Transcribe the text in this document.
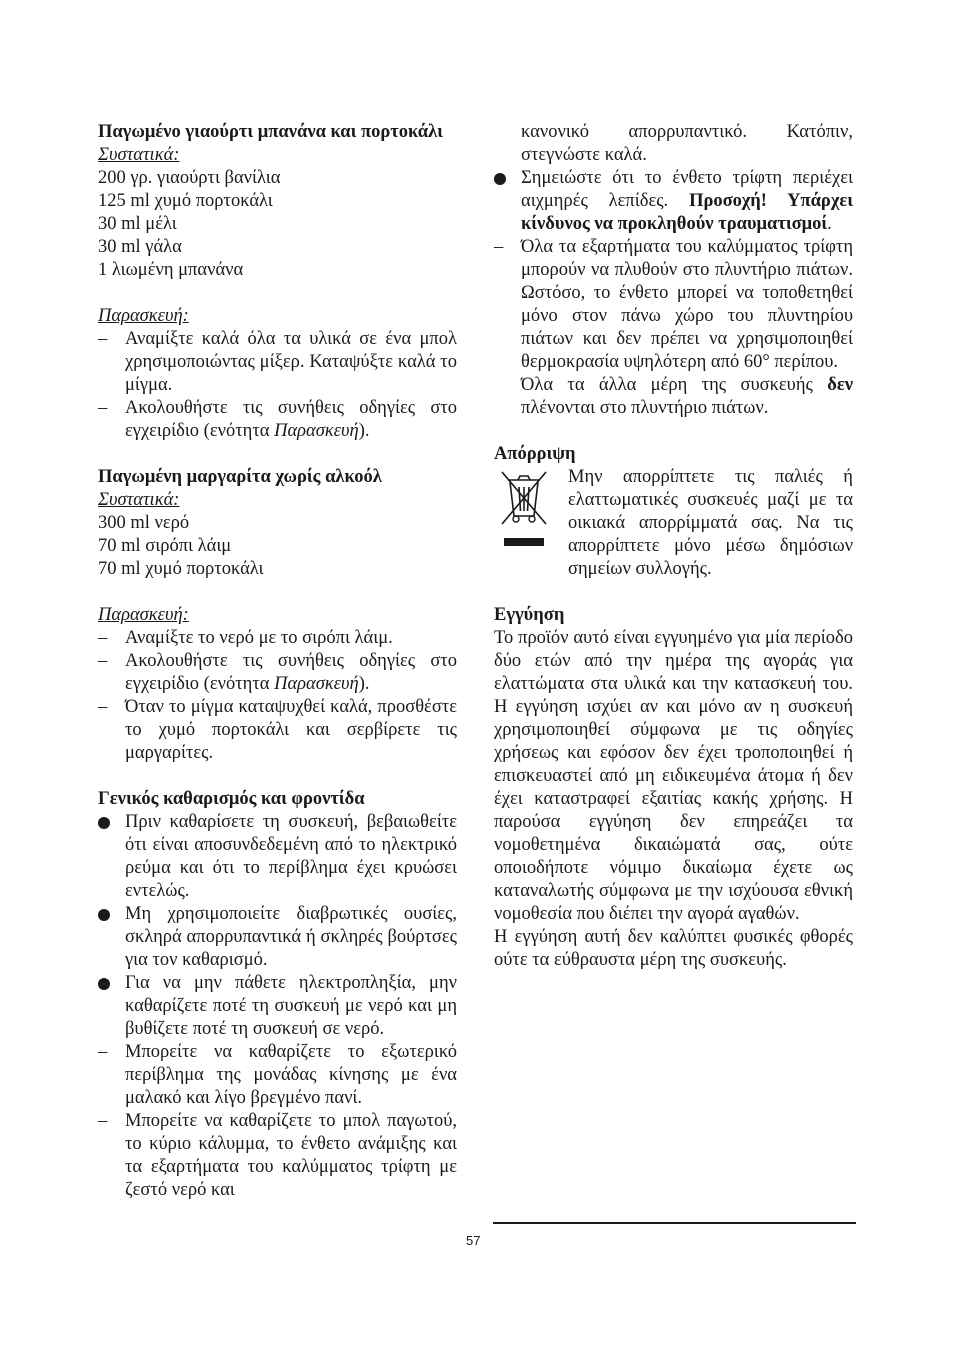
Παγωμένο γιαούρτι μπανάνα και πορτοκάλι
Συστατικά:
200 γρ. γιαούρτι βανίλια
125 ml χυμό πορτοκάλι
30 ml μέλι
30 ml γάλα
1 λιωμένη μπανάνα
Παρασκευή:
– Αναμίξτε καλά όλα τα υλικά σε ένα μπολ χρησιμοποιώντας μίξερ. Καταψύξτε καλά το μίγμα.
– Ακολουθήστε τις συνήθεις οδηγίες στο εγχειρίδιο (ενότητα Παρασκευή).
Παγωμένη μαργαρίτα χωρίς αλκοόλ
Συστατικά:
300 ml νερό
70 ml σιρόπι λάιμ
70 ml χυμό πορτοκάλι
Παρασκευή:
– Αναμίξτε το νερό με το σιρόπι λάιμ.
– Ακολουθήστε τις συνήθεις οδηγίες στο εγχειρίδιο (ενότητα Παρασκευή).
– Όταν το μίγμα καταψυχθεί καλά, προσθέστε το χυμό πορτοκάλι και σερβίρετε τις μαργαρίτες.
Γενικός καθαρισμός και φροντίδα
Πριν καθαρίσετε τη συσκευή, βεβαιωθείτε ότι είναι αποσυνδεδεμένη από το ηλεκτρικό ρεύμα και ότι το περίβλημα έχει κρυώσει εντελώς.
Μη χρησιμοποιείτε διαβρωτικές ουσίες, σκληρά απορρυπαντικά ή σκληρές βούρτσες για τον καθαρισμό.
Για να μην πάθετε ηλεκτροπληξία, μην καθαρίζετε ποτέ τη συσκευή με νερό και μη βυθίζετε ποτέ τη συσκευή σε νερό.
– Μπορείτε να καθαρίζετε το εξωτερικό περίβλημα της μονάδας κίνησης με ένα μαλακό και λίγο βρεγμένο πανί.
– Μπορείτε να καθαρίζετε το μπολ παγωτού, το κύριο κάλυμμα, το ένθετο ανάμιξης και τα εξαρτήματα του καλύμματος τρίφτη με ζεστό νερό και
κανονικό απορρυπαντικό. Κατόπιν, στεγνώστε καλά.
Σημειώστε ότι το ένθετο τρίφτη περιέχει αιχμηρές λεπίδες. Προσοχή! Υπάρχει κίνδυνος να προκληθούν τραυματισμοί.
– Όλα τα εξαρτήματα του καλύμματος τρίφτη μπορούν να πλυθούν στο πλυντήριο πιάτων. Ωστόσο, το ένθετο μπορεί να τοποθετηθεί μόνο στον πάνω χώρο του πλυντηρίου πιάτων και δεν πρέπει να χρησιμοποιηθεί θερμοκρασία υψηλότερη από 60° περίπου.
Όλα τα άλλα μέρη της συσκευής δεν πλένονται στο πλυντήριο πιάτων.
Απόρριψη

Μην απορρίπτετε τις παλιές ή ελαττωματικές συσκευές μαζί με τα οικιακά απορρίμματά σας. Να τις απορρίπτετε μόνο μέσω δημόσιων σημείων συλλογής.

Εγγύηση

Το προϊόν αυτό είναι εγγυημένο για μία περίοδο δύο ετών από την ημέρα της αγοράς για ελαττώματα στα υλικά και την κατασκευή του. Η εγγύηση ισχύει αν και μόνο αν η συσκευή χρησιμοποιηθεί σύμφωνα με τις οδηγίες χρήσεως και εφόσον δεν έχει τροποποιηθεί ή επισκευαστεί από μη ειδικευμένα άτομα ή δεν έχει καταστραφεί εξαιτίας κακής χρήσης. Η παρούσα εγγύηση δεν επηρεάζει τα νομοθετημένα δικαιώματά σας, ούτε οποιοδήποτε νόμιμο δικαίωμα έχετε ως καταναλωτής σύμφωνα με την ισχύουσα εθνική νομοθεσία που διέπει την αγορά αγαθών.

Η εγγύηση αυτή δεν καλύπτει φυσικές φθορές ούτε τα εύθραυστα μέρη της συσκευής.

57
